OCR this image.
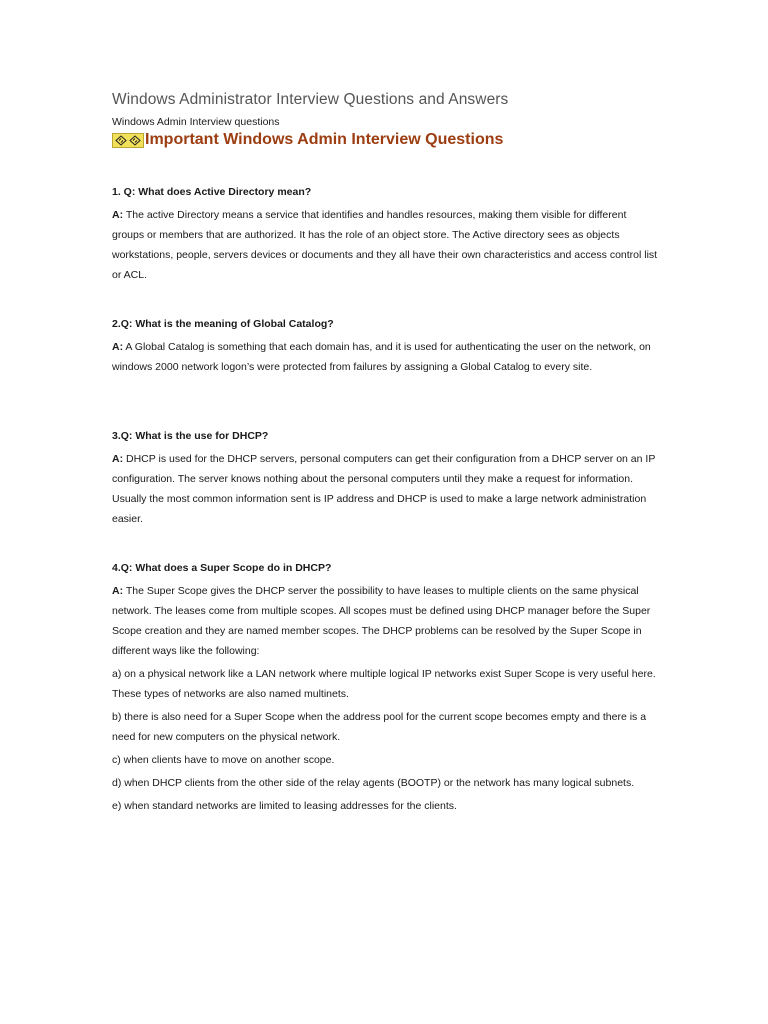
Windows Administrator Interview Questions and Answers
Windows Admin Interview questions
Important Windows Admin Interview Questions

1. Q: What does Active Directory mean?

A: The active Directory means a service that identifies and handles resources, making them visible for different groups or members that are authorized. It has the role of an object store. The Active directory sees as objects workstations, people, servers devices or documents and they all have their own characteristics and access control list or ACL.

2.Q: What is the meaning of Global Catalog?

A: A Global Catalog is something that each domain has, and it is used for authenticating the user on the network, on windows 2000 network logon’s were protected from failures by assigning a Global Catalog to every site.

3.Q: What is the use for DHCP?

A: DHCP is used for the DHCP servers, personal computers can get their configuration from a DHCP server on an IP configuration. The server knows nothing about the personal computers until they make a request for information. Usually the most common information sent is IP address and DHCP is used to make a large network administration easier.

4.Q: What does a Super Scope do in DHCP?

A: The Super Scope gives the DHCP server the possibility to have leases to multiple clients on the same physical network. The leases come from multiple scopes. All scopes must be defined using DHCP manager before the Super Scope creation and they are named member scopes. The DHCP problems can be resolved by the Super Scope in different ways like the following:

a) on a physical network like a LAN network where multiple logical IP networks exist Super Scope is very useful here. These types of networks are also named multinets.

b) there is also need for a Super Scope when the address pool for the current scope becomes empty and there is a need for new computers on the physical network.

c) when clients have to move on another scope.

d) when DHCP clients from the other side of the relay agents (BOOTP) or the network has many logical subnets.

e) when standard networks are limited to leasing addresses for the clients.
